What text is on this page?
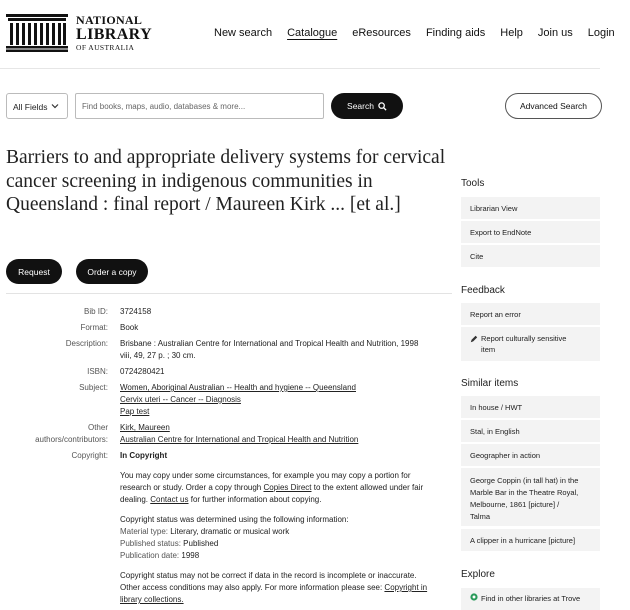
NATIONAL
LIBRARY
OF AUSTRALIA
New search Catalogue eResources Finding aids Help Join us Login
All Fields
Find books, maps, audio, databases & more...	Search	Advanced Search
Barriers to and appropriate delivery systems for cervical cancer screening in indigenous communities in Queensland : final report / Maureen Kirk ... [et al.]
Request	Order a copy
Bib ID: 3724158
Format: Book
Description: Brisbane : Australian Centre for International and Tropical Health and Nutrition, 1998
viii, 49, 27 p. ; 30 cm.
ISBN: 0724280421
Subject: Women, Aboriginal Australian -- Health and hygiene -- Queensland
Cervix uteri -- Cancer -- Diagnosis
Pap test
Other
authors/contributors:
Kirk, Maureen
Australian Centre for International and Tropical Health and Nutrition
Copyright: In Copyright
You may copy under some circumstances, for example you may copy a portion for
research or study. Order a copy through Copies Direct to the extent allowed under fair
dealing. Contact us for further information about copying.
Copyright status was determined using the following information:
Material type: Literary, dramatic or musical work
Published status: Published
Publication date: 1998
Copyright status may not be correct if data in the record is incomplete or inaccurate.
Other access conditions may also apply. For more information please see: Copyright in
library collections.
Tools
Librarian View
Export to EndNote
Cite
Feedback
Report an error
Report culturally sensitive
item
Similar items
In house / HWT
Stal, in English
Geographer in action
George Coppin (in tall hat) in the
Marble Bar in the Theatre Royal,
Melbourne, 1861 [picture] /
Talma
A clipper in a hurricane [picture]
Explore
Find in other libraries at Trove
